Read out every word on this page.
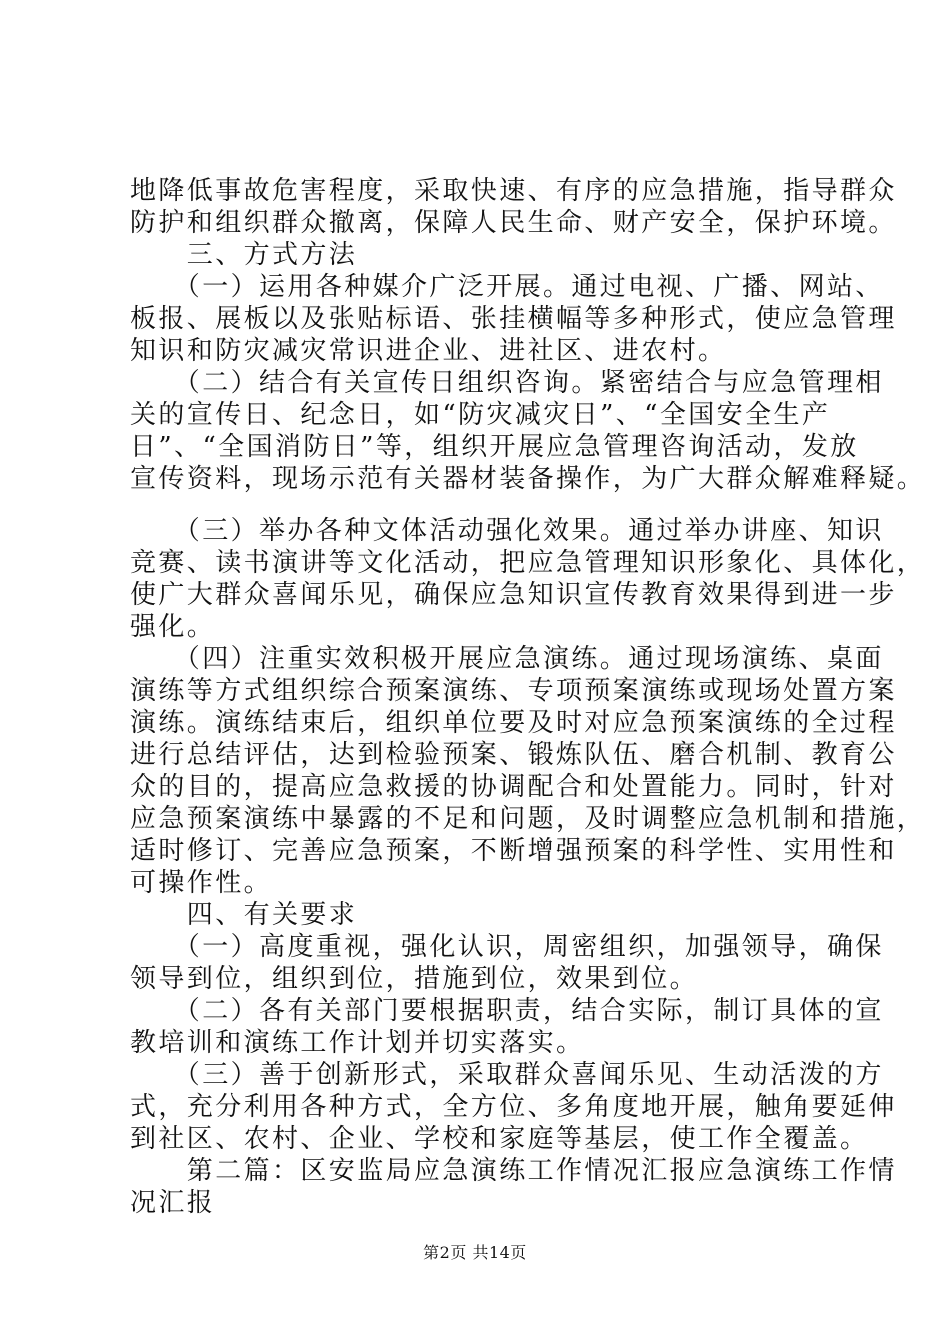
地降低事故危害程度，采取快速、有序的应急措施，指导群众
防护和组织群众撤离，保障人民生命、财产安全，保护环境。
　　三、方式方法
　　（一）运用各种媒介广泛开展。通过电视、广播、网站、
板报、展板以及张贴标语、张挂横幅等多种形式，使应急管理
知识和防灾减灾常识进企业、进社区、进农村。
　　（二）结合有关宣传日组织咨询。紧密结合与应急管理相
关的宣传日、纪念日，如“防灾减灾日”、“全国安全生产
日”、“全国消防日”等，组织开展应急管理咨询活动，发放
宣传资料，现场示范有关器材装备操作，为广大群众解难释疑。
　　（三）举办各种文体活动强化效果。通过举办讲座、知识
竞赛、读书演讲等文化活动，把应急管理知识形象化、具体化，
使广大群众喜闻乐见，确保应急知识宣传教育效果得到进一步
强化。
　　（四）注重实效积极开展应急演练。通过现场演练、桌面
演练等方式组织综合预案演练、专项预案演练或现场处置方案
演练。演练结束后，组织单位要及时对应急预案演练的全过程
进行总结评估，达到检验预案、锻炼队伍、磨合机制、教育公
众的目的，提高应急救援的协调配合和处置能力。同时，针对
应急预案演练中暴露的不足和问题，及时调整应急机制和措施，
适时修订、完善应急预案，不断增强预案的科学性、实用性和
可操作性。
　　四、有关要求
　　（一）高度重视，强化认识，周密组织，加强领导，确保
领导到位，组织到位，措施到位，效果到位。
　　（二）各有关部门要根据职责，结合实际，制订具体的宣
教培训和演练工作计划并切实落实。
　　（三）善于创新形式，采取群众喜闻乐见、生动活泼的方
式，充分利用各种方式，全方位、多角度地开展，触角要延伸
到社区、农村、企业、学校和家庭等基层，使工作全覆盖。
　　第二篇：区安监局应急演练工作情况汇报应急演练工作情
况汇报
第2页 共14页
